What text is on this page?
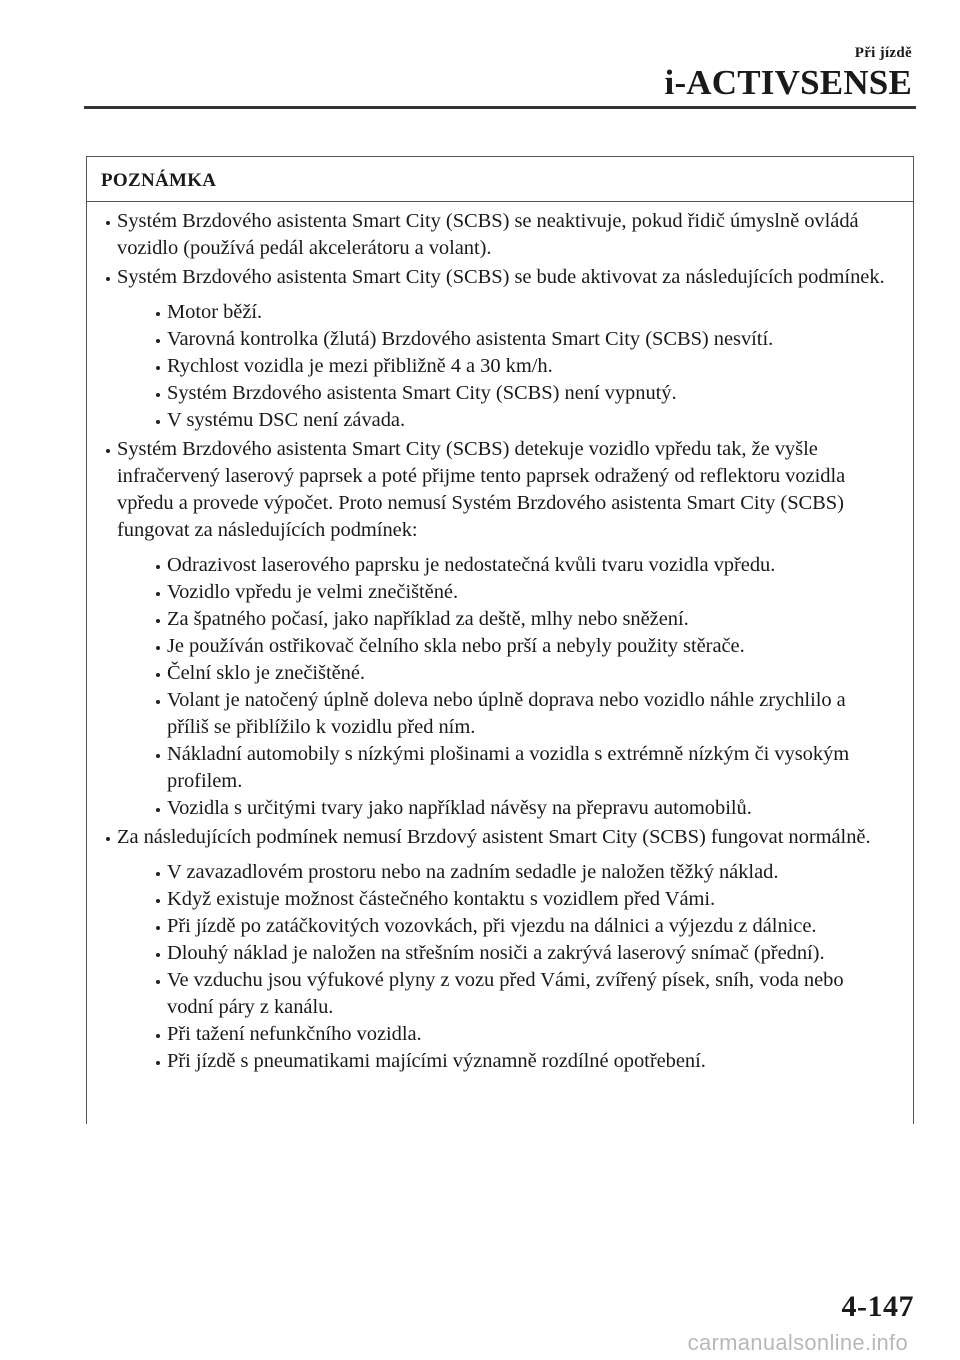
Při jízdě
i-ACTIVSENSE
POZNÁMKA
Systém Brzdového asistenta Smart City (SCBS) se neaktivuje, pokud řidič úmyslně ovládá vozidlo (používá pedál akcelerátoru a volant).
Systém Brzdového asistenta Smart City (SCBS) se bude aktivovat za následujících podmínek.
Motor běží.
Varovná kontrolka (žlutá) Brzdového asistenta Smart City (SCBS) nesvítí.
Rychlost vozidla je mezi přibližně 4 a 30 km/h.
Systém Brzdového asistenta Smart City (SCBS) není vypnutý.
V systému DSC není závada.
Systém Brzdového asistenta Smart City (SCBS) detekuje vozidlo vpředu tak, že vyšle infračervený laserový paprsek a poté přijme tento paprsek odražený od reflektoru vozidla vpředu a provede výpočet. Proto nemusí Systém Brzdového asistenta Smart City (SCBS) fungovat za následujících podmínek:
Odrazivost laserového paprsku je nedostatečná kvůli tvaru vozidla vpředu.
Vozidlo vpředu je velmi znečištěné.
Za špatného počasí, jako například za deště, mlhy nebo sněžení.
Je používán ostřikovač čelního skla nebo prší a nebyly použity stěrače.
Čelní sklo je znečištěné.
Volant je natočený úplně doleva nebo úplně doprava nebo vozidlo náhle zrychlilo a příliš se přiblížilo k vozidlu před ním.
Nákladní automobily s nízkými plošinami a vozidla s extrémně nízkým či vysokým profilem.
Vozidla s určitými tvary jako například návěsy na přepravu automobilů.
Za následujících podmínek nemusí Brzdový asistent Smart City (SCBS) fungovat normálně.
V zavazadlovém prostoru nebo na zadním sedadle je naložen těžký náklad.
Když existuje možnost částečného kontaktu s vozidlem před Vámi.
Při jízdě po zatáčkovitých vozovkách, při vjezdu na dálnici a výjezdu z dálnice.
Dlouhý náklad je naložen na střešním nosiči a zakrývá laserový snímač (přední).
Ve vzduchu jsou výfukové plyny z vozu před Vámi, zvířený písek, sníh, voda nebo vodní páry z kanálu.
Při tažení nefunkčního vozidla.
Při jízdě s pneumatikami majícími významně rozdílné opotřebení.
4-147
carmanualsonline.info
